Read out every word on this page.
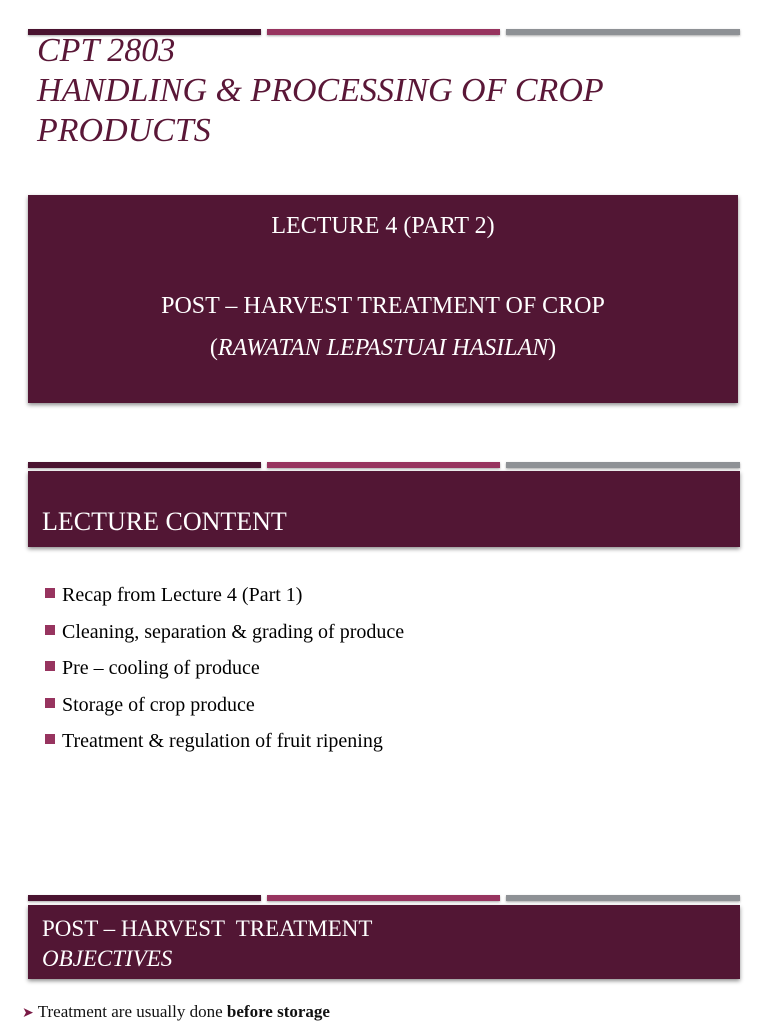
CPT 2803
HANDLING & PROCESSING OF CROP
PRODUCTS
LECTURE 4 (PART 2)
POST – HARVEST TREATMENT OF CROP
(RAWATAN LEPASTUAI HASILAN)
LECTURE CONTENT
Recap from Lecture 4 (Part 1)
Cleaning, separation & grading of produce
Pre – cooling of produce
Storage of crop produce
Treatment & regulation of fruit ripening
POST – HARVEST  TREATMENT
OBJECTIVES
➤ Treatment are usually done before storage
